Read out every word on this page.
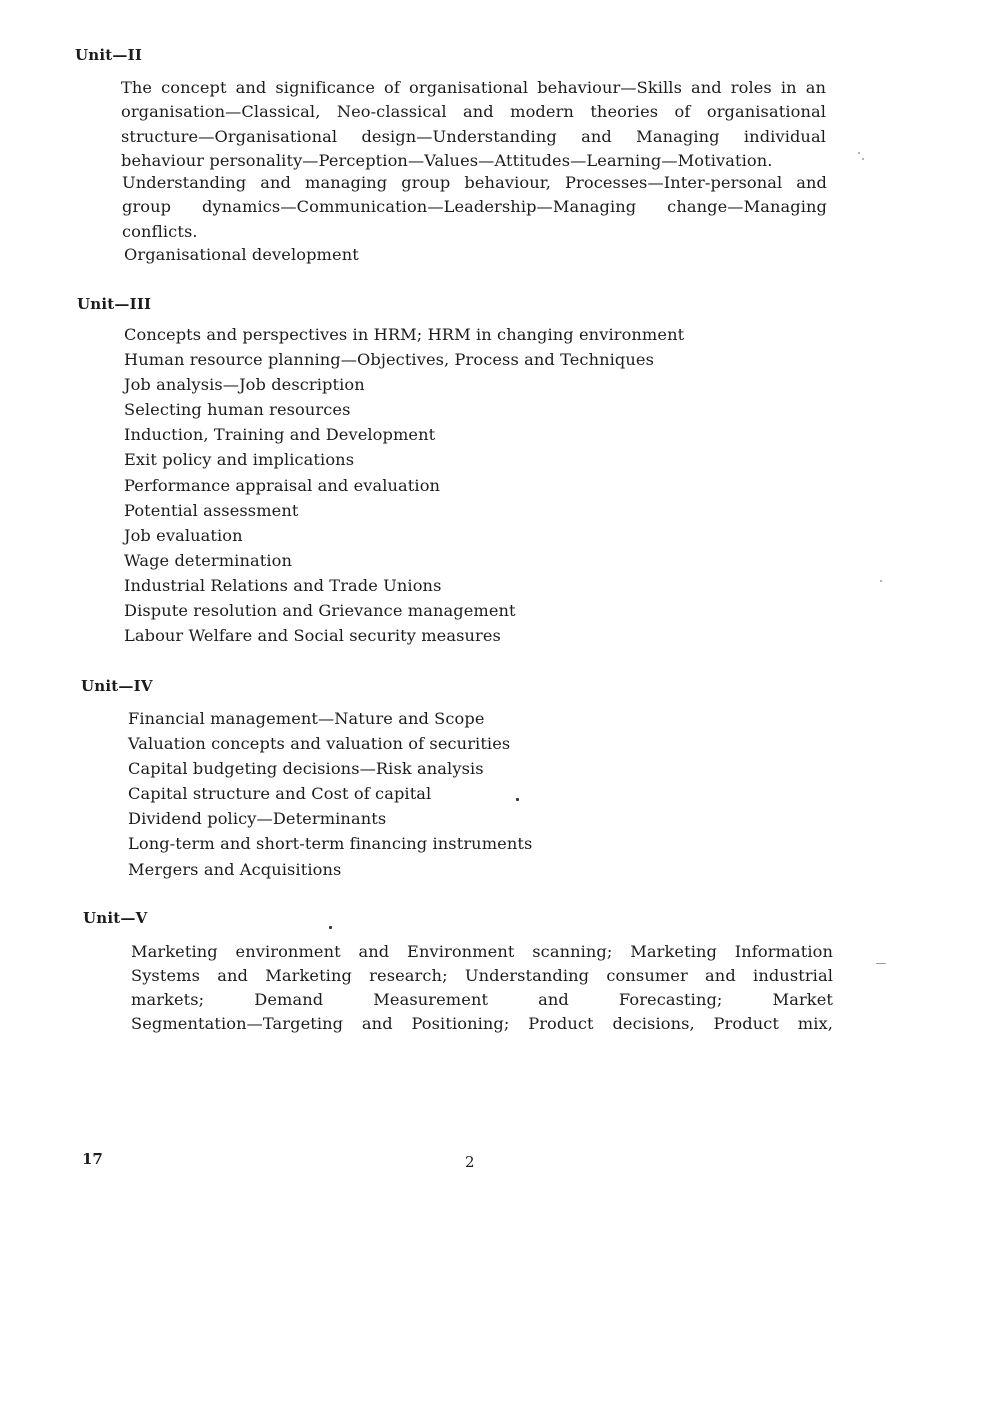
Unit—II

The concept and significance of organisational behaviour—Skills and roles in an organisation—Classical, Neo-classical and modern theories of organisational structure—Organisational design—Understanding and Managing individual behaviour personality—Perception—Values—Attitudes—Learning—Motivation.

Understanding and managing group behaviour, Processes—Inter-personal and group dynamics—Communication—Leadership—Managing change—Managing conflicts.

Organisational development

Unit—III
Concepts and perspectives in HRM; HRM in changing environment
Human resource planning—Objectives, Process and Techniques
Job analysis—Job description
Selecting human resources
Induction, Training and Development
Exit policy and implications
Performance appraisal and evaluation
Potential assessment
Job evaluation
Wage determination
Industrial Relations and Trade Unions
Dispute resolution and Grievance management
Labour Welfare and Social security measures
Unit—IV
Financial management—Nature and Scope
Valuation concepts and valuation of securities
Capital budgeting decisions—Risk analysis
Capital structure and Cost of capital
Dividend policy—Determinants
Long-term and short-term financing instruments
Mergers and Acquisitions
Unit—V
Marketing environment and Environment scanning; Marketing Information
Systems and Marketing research; Understanding consumer and industrial
markets; Demand Measurement and Forecasting; Market
Segmentation—Targeting and Positioning; Product decisions, Product mix,

17	2
